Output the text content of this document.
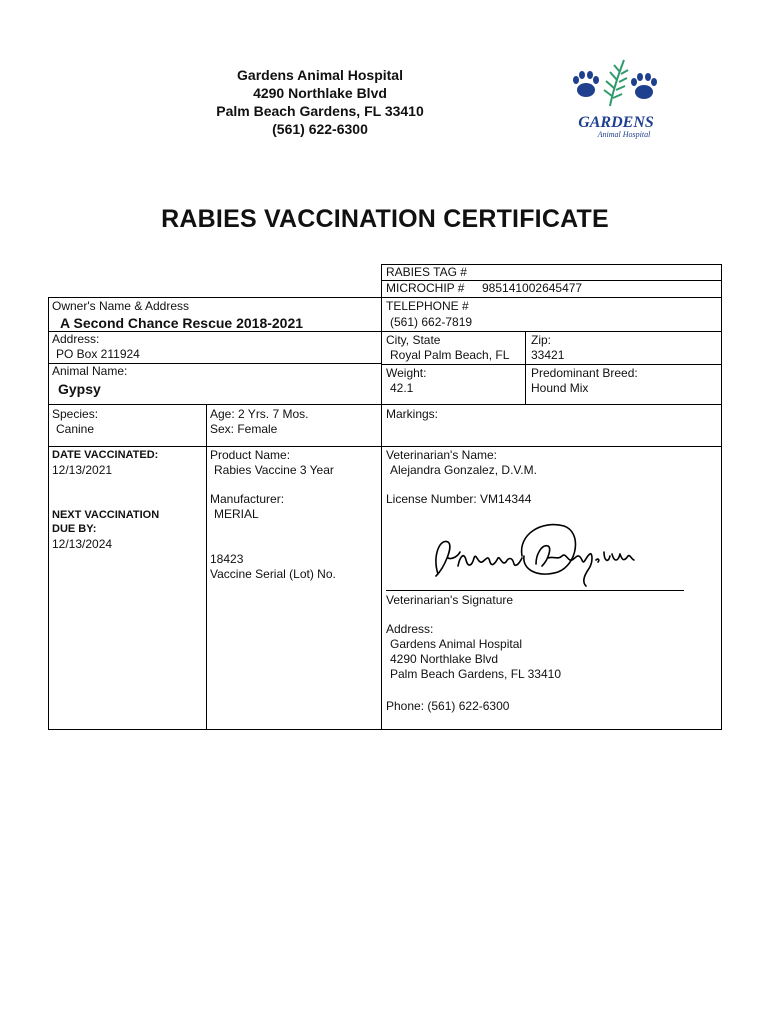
Gardens Animal Hospital
4290 Northlake Blvd
Palm Beach Gardens, FL 33410
(561) 622-6300	GARDENS
Animal Hospital
RABIES VACCINATION CERTIFICATE
RABIES TAG #
MICROCHIP # 985141002645477
Owner's Name & Address
A Second Chance Rescue 2018-2021
TELEPHONE #
(561) 662-7819
Address:
PO Box 211924
City, State
Royal Palm Beach, FL
Zip:
33421
Animal Name:
Gypsy
Weight:
42.1
Predominant Breed:
Hound Mix
Species:
Canine
Age: 2 Yrs. 7 Mos.
Sex: Female
Markings:
DATE VACCINATED:
12/13/2021
NEXT VACCINATION
DUE BY:
12/13/2024
Product Name:
Rabies Vaccine 3 Year
Manufacturer:
MERIAL
18423
Vaccine Serial (Lot) No.
Veterinarian's Name:
Alejandra Gonzalez, D.V.M.
License Number: VM14344
Veterinarian's Signature
Address:
Gardens Animal Hospital
4290 Northlake Blvd
Palm Beach Gardens, FL 33410
Phone: (561) 622-6300
